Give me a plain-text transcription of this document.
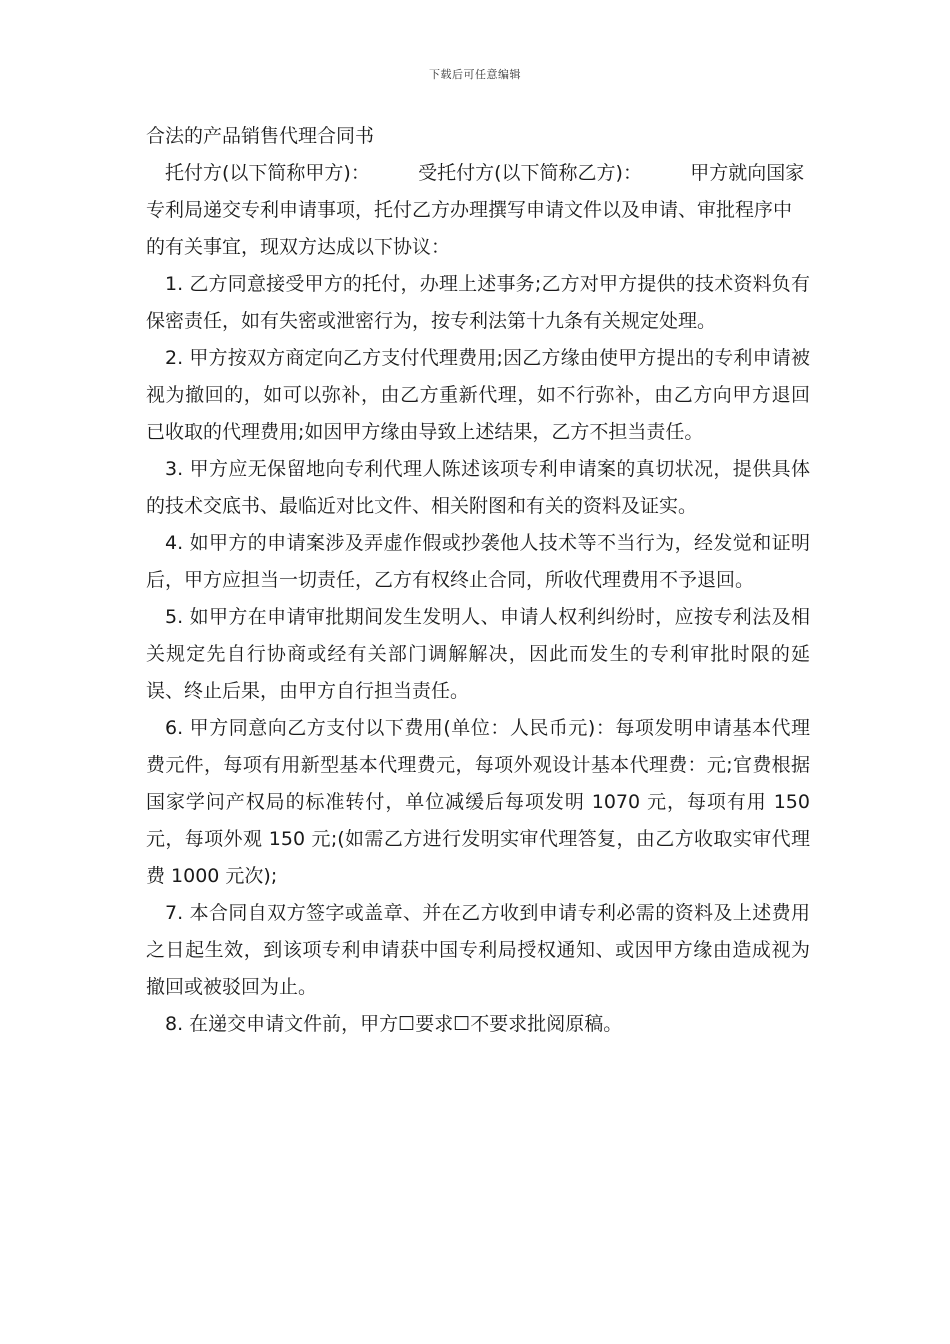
下载后可任意编辑
合法的产品销售代理合同书

托付方(以下简称甲方)：        受托付方(以下简称乙方)：        甲方就向国家专利局递交专利申请事项，托付乙方办理撰写申请文件以及申请、审批程序中的有关事宜，现双方达成以下协议：

1. 乙方同意接受甲方的托付，办理上述事务;乙方对甲方提供的技术资料负有保密责任，如有失密或泄密行为，按专利法第十九条有关规定处理。

2. 甲方按双方商定向乙方支付代理费用;因乙方缘由使甲方提出的专利申请被视为撤回的，如可以弥补，由乙方重新代理，如不行弥补，由乙方向甲方退回已收取的代理费用;如因甲方缘由导致上述结果，乙方不担当责任。

3. 甲方应无保留地向专利代理人陈述该项专利申请案的真切状况，提供具体的技术交底书、最临近对比文件、相关附图和有关的资料及证实。

4. 如甲方的申请案涉及弄虚作假或抄袭他人技术等不当行为，经发觉和证明后，甲方应担当一切责任，乙方有权终止合同，所收代理费用不予退回。

5. 如甲方在申请审批期间发生发明人、申请人权利纠纷时，应按专利法及相关规定先自行协商或经有关部门调解解决，因此而发生的专利审批时限的延误、终止后果，由甲方自行担当责任。

6. 甲方同意向乙方支付以下费用(单位：人民币元)：每项发明申请基本代理费元件，每项有用新型基本代理费元，每项外观设计基本代理费：元;官费根据国家学问产权局的标准转付，单位减缓后每项发明 1070 元，每项有用 150 元，每项外观 150 元;(如需乙方进行发明实审代理答复，由乙方收取实审代理费 1000 元次);

7. 本合同自双方签字或盖章、并在乙方收到申请专利必需的资料及上述费用之日起生效，到该项专利申请获中国专利局授权通知、或因甲方缘由造成视为撤回或被驳回为止。

8. 在递交申请文件前，甲方☐要求☐不要求批阅原稿。
